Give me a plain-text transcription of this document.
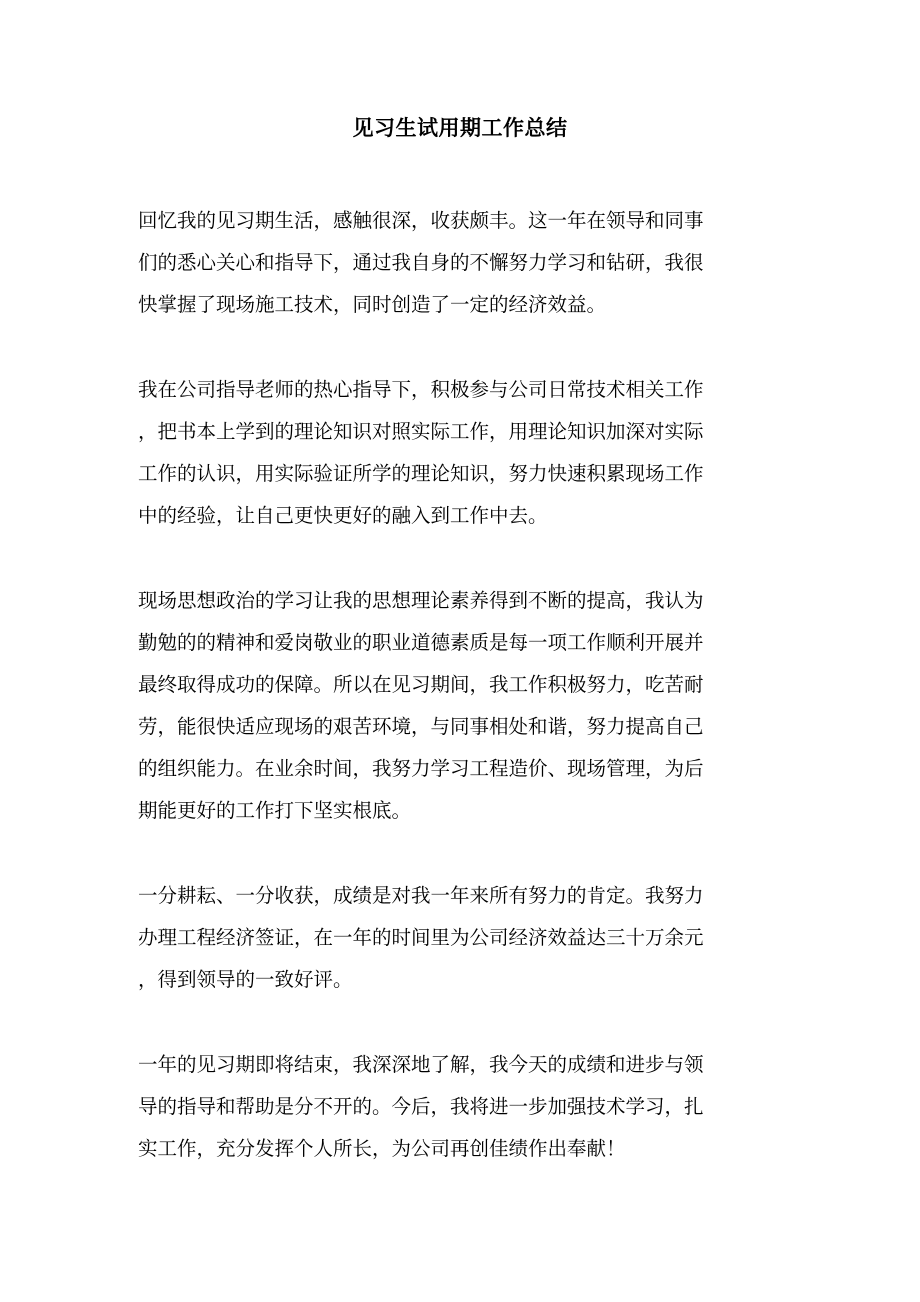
见习生试用期工作总结

回忆我的见习期生活，感触很深，收获颇丰。这一年在领导和同事
们的悉心关心和指导下，通过我自身的不懈努力学习和钻研，我很
快掌握了现场施工技术，同时创造了一定的经济效益。

我在公司指导老师的热心指导下，积极参与公司日常技术相关工作
，把书本上学到的理论知识对照实际工作，用理论知识加深对实际
工作的认识，用实际验证所学的理论知识，努力快速积累现场工作
中的经验，让自己更快更好的融入到工作中去。

现场思想政治的学习让我的思想理论素养得到不断的提高，我认为
勤勉的的精神和爱岗敬业的职业道德素质是每一项工作顺利开展并
最终取得成功的保障。所以在见习期间，我工作积极努力，吃苦耐
劳，能很快适应现场的艰苦环境，与同事相处和谐，努力提高自己
的组织能力。在业余时间，我努力学习工程造价、现场管理，为后
期能更好的工作打下坚实根底。

一分耕耘、一分收获，成绩是对我一年来所有努力的肯定。我努力
办理工程经济签证，在一年的时间里为公司经济效益达三十万余元
，得到领导的一致好评。

一年的见习期即将结束，我深深地了解，我今天的成绩和进步与领
导的指导和帮助是分不开的。今后，我将进一步加强技术学习，扎
实工作，充分发挥个人所长，为公司再创佳绩作出奉献！
